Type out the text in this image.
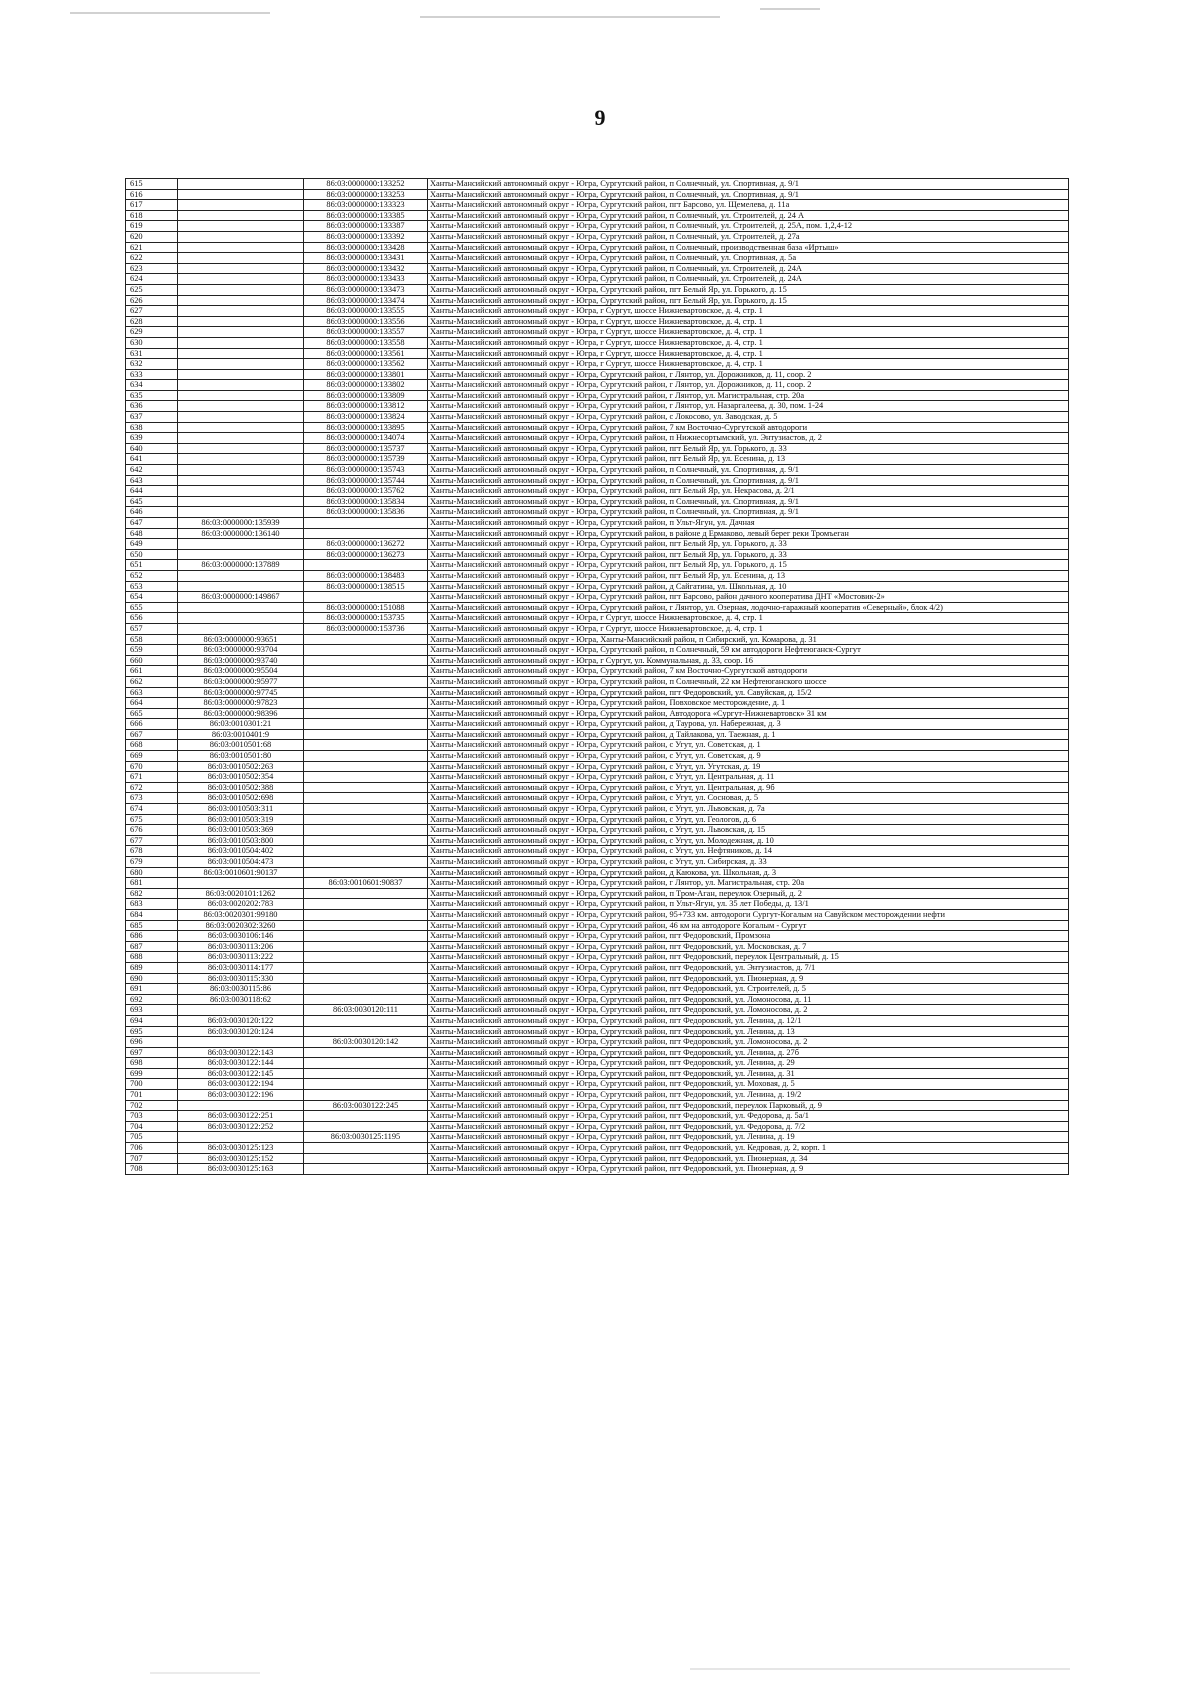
9
615		86:03:0000000:133252	Ханты-Мансийский автономный округ - Югра, Сургутский район, п Солнечный, ул. Спортивная, д. 9/1
616		86:03:0000000:133253	Ханты-Мансийский автономный округ - Югра, Сургутский район, п Солнечный, ул. Спортивная, д. 9/1
617		86:03:0000000:133323	Ханты-Мансийский автономный округ - Югра, Сургутский район, пгт Барсово, ул. Щемелева, д. 11а
618		86:03:0000000:133385	Ханты-Мансийский автономный округ - Югра, Сургутский район, п Солнечный, ул. Строителей, д. 24 А
619		86:03:0000000:133387	Ханты-Мансийский автономный округ - Югра, Сургутский район, п Солнечный, ул. Строителей, д. 25А, пом. 1,2,4-12
620		86:03:0000000:133392	Ханты-Мансийский автономный округ - Югра, Сургутский район, п Солнечный, ул. Строителей, д. 27а
621		86:03:0000000:133428	Ханты-Мансийский автономный округ - Югра, Сургутский район, п Солнечный, производственная база «Иртыш»
622		86:03:0000000:133431	Ханты-Мансийский автономный округ - Югра, Сургутский район, п Солнечный, ул. Спортивная, д. 5а
623		86:03:0000000:133432	Ханты-Мансийский автономный округ - Югра, Сургутский район, п Солнечный, ул. Строителей, д. 24А
624		86:03:0000000:133433	Ханты-Мансийский автономный округ - Югра, Сургутский район, п Солнечный, ул. Строителей, д. 24А
625		86:03:0000000:133473	Ханты-Мансийский автономный округ - Югра, Сургутский район, пгт Белый Яр, ул. Горького, д. 15
626		86:03:0000000:133474	Ханты-Мансийский автономный округ - Югра, Сургутский район, пгт Белый Яр, ул. Горького, д. 15
627		86:03:0000000:133555	Ханты-Мансийский автономный округ - Югра, г Сургут, шоссе Нижневартовское, д. 4, стр. 1
628		86:03:0000000:133556	Ханты-Мансийский автономный округ - Югра, г Сургут, шоссе Нижневартовское, д. 4, стр. 1
629		86:03:0000000:133557	Ханты-Мансийский автономный округ - Югра, г Сургут, шоссе Нижневартовское, д. 4, стр. 1
630		86:03:0000000:133558	Ханты-Мансийский автономный округ - Югра, г Сургут, шоссе Нижневартовское, д. 4, стр. 1
631		86:03:0000000:133561	Ханты-Мансийский автономный округ - Югра, г Сургут, шоссе Нижневартовское, д. 4, стр. 1
632		86:03:0000000:133562	Ханты-Мансийский автономный округ - Югра, г Сургут, шоссе Нижневартовское, д. 4, стр. 1
633		86:03:0000000:133801	Ханты-Мансийский автономный округ - Югра, Сургутский район, г Лянтор, ул. Дорожников, д. 11, соор. 2
634		86:03:0000000:133802	Ханты-Мансийский автономный округ - Югра, Сургутский район, г Лянтор, ул. Дорожников, д. 11, соор. 2
635		86:03:0000000:133809	Ханты-Мансийский автономный округ - Югра, Сургутский район, г Лянтор, ул. Магистральная, стр. 20а
636		86:03:0000000:133812	Ханты-Мансийский автономный округ - Югра, Сургутский район, г Лянтор, ул. Назаргалеева, д. 30, пом. 1-24
637		86:03:0000000:133824	Ханты-Мансийский автономный округ - Югра, Сургутский район, с Локосово, ул. Заводская, д. 5
638		86:03:0000000:133895	Ханты-Мансийский автономный округ - Югра, Сургутский район, 7 км Восточно-Сургутской автодороги
639		86:03:0000000:134074	Ханты-Мансийский автономный округ - Югра, Сургутский район, п Нижнесортымский, ул. Энтузиастов, д. 2
640		86:03:0000000:135737	Ханты-Мансийский автономный округ - Югра, Сургутский район, пгт Белый Яр, ул. Горького, д. 33
641		86:03:0000000:135739	Ханты-Мансийский автономный округ - Югра, Сургутский район, пгт Белый Яр, ул. Есенина, д. 13
642		86:03:0000000:135743	Ханты-Мансийский автономный округ - Югра, Сургутский район, п Солнечный, ул. Спортивная, д. 9/1
643		86:03:0000000:135744	Ханты-Мансийский автономный округ - Югра, Сургутский район, п Солнечный, ул. Спортивная, д. 9/1
644		86:03:0000000:135762	Ханты-Мансийский автономный округ - Югра, Сургутский район, пгт Белый Яр, ул. Некрасова, д. 2/1
645		86:03:0000000:135834	Ханты-Мансийский автономный округ - Югра, Сургутский район, п Солнечный, ул. Спортивная, д. 9/1
646		86:03:0000000:135836	Ханты-Мансийский автономный округ - Югра, Сургутский район, п Солнечный, ул. Спортивная, д. 9/1
647	86:03:0000000:135939		Ханты-Мансийский автономный округ - Югра, Сургутский район, п Ульт-Ягун, ул. Дачная
648	86:03:0000000:136140		Ханты-Мансийский автономный округ - Югра, Сургутский район, в районе д Ермаково, левый берег реки Тромъеган
649		86:03:0000000:136272	Ханты-Мансийский автономный округ - Югра, Сургутский район, пгт Белый Яр, ул. Горького, д. 33
650		86:03:0000000:136273	Ханты-Мансийский автономный округ - Югра, Сургутский район, пгт Белый Яр, ул. Горького, д. 33
651	86:03:0000000:137889		Ханты-Мансийский автономный округ - Югра, Сургутский район, пгт Белый Яр, ул. Горького, д. 15
652		86:03:0000000:138483	Ханты-Мансийский автономный округ - Югра, Сургутский район, пгт Белый Яр, ул. Есенина, д. 13
653		86:03:0000000:138515	Ханты-Мансийский автономный округ - Югра, Сургутский район, д Сайгатина, ул. Школьная, д. 10
654	86:03:0000000:149867		Ханты-Мансийский автономный округ - Югра, Сургутский район, пгт Барсово, район дачного кооператива ДНТ «Мостовик-2»
655		86:03:0000000:151088	Ханты-Мансийский автономный округ - Югра, Сургутский район, г Лянтор, ул. Озерная, лодочно-гаражный кооператив «Северный», блок 4/2)
656		86:03:0000000:153735	Ханты-Мансийский автономный округ - Югра, г Сургут, шоссе Нижневартовское, д. 4, стр. 1
657		86:03:0000000:153736	Ханты-Мансийский автономный округ - Югра, г Сургут, шоссе Нижневартовское, д. 4, стр. 1
658	86:03:0000000:93651		Ханты-Мансийский автономный округ - Югра, Ханты-Мансийский район, п Сибирский, ул. Комарова, д. 31
659	86:03:0000000:93704		Ханты-Мансийский автономный округ - Югра, Сургутский район, п Солнечный, 59 км автодороги Нефтеюганск-Сургут
660	86:03:0000000:93740		Ханты-Мансийский автономный округ - Югра, г Сургут, ул. Коммунальная, д. 33, соор. 16
661	86:03:0000000:95504		Ханты-Мансийский автономный округ - Югра, Сургутский район, 7 км Восточно-Сургутской автодороги
662	86:03:0000000:95977		Ханты-Мансийский автономный округ - Югра, Сургутский район, п Солнечный, 22 км Нефтеюганского шоссе
663	86:03:0000000:97745		Ханты-Мансийский автономный округ - Югра, Сургутский район, пгт Федоровский, ул. Савуйская, д. 15/2
664	86:03:0000000:97823		Ханты-Мансийский автономный округ - Югра, Сургутский район, Повховское месторождение, д. 1
665	86:03:0000000:98396		Ханты-Мансийский автономный округ - Югра, Сургутский район, Автодорога «Сургут-Нижневартовск» 31 км
666	86:03:0010301:21		Ханты-Мансийский автономный округ - Югра, Сургутский район, д Таурова, ул. Набережная, д. 3
667	86:03:0010401:9		Ханты-Мансийский автономный округ - Югра, Сургутский район, д Тайлакова, ул. Таежная, д. 1
668	86:03:0010501:68		Ханты-Мансийский автономный округ - Югра, Сургутский район, с Угут, ул. Советская, д. 1
669	86:03:0010501:80		Ханты-Мансийский автономный округ - Югра, Сургутский район, с Угут, ул. Советская, д. 9
670	86:03:0010502:263		Ханты-Мансийский автономный округ - Югра, Сургутский район, с Угут, ул. Угутская, д. 19
671	86:03:0010502:354		Ханты-Мансийский автономный округ - Югра, Сургутский район, с Угут, ул. Центральная, д. 11
672	86:03:0010502:388		Ханты-Мансийский автономный округ - Югра, Сургутский район, с Угут, ул. Центральная, д. 9б
673	86:03:0010502:698		Ханты-Мансийский автономный округ - Югра, Сургутский район, с Угут, ул. Сосновая, д. 5
674	86:03:0010503:311		Ханты-Мансийский автономный округ - Югра, Сургутский район, с Угут, ул. Львовская, д. 7а
675	86:03:0010503:319		Ханты-Мансийский автономный округ - Югра, Сургутский район, с Угут, ул. Геологов, д. 6
676	86:03:0010503:369		Ханты-Мансийский автономный округ - Югра, Сургутский район, с Угут, ул. Львовская, д. 15
677	86:03:0010503:800		Ханты-Мансийский автономный округ - Югра, Сургутский район, с Угут, ул. Молодежная, д. 10
678	86:03:0010504:402		Ханты-Мансийский автономный округ - Югра, Сургутский район, с Угут, ул. Нефтяников, д. 14
679	86:03:0010504:473		Ханты-Мансийский автономный округ - Югра, Сургутский район, с Угут, ул. Сибирская, д. 33
680	86:03:0010601:90137		Ханты-Мансийский автономный округ - Югра, Сургутский район, д Каюкова, ул. Школьная, д. 3
681		86:03:0010601:90837	Ханты-Мансийский автономный округ - Югра, Сургутский район, г Лянтор, ул. Магистральная, стр. 20а
682	86:03:0020101:1262		Ханты-Мансийский автономный округ - Югра, Сургутский район, п Тром-Аган, переулок Озерный, д. 2
683	86:03:0020202:783		Ханты-Мансийский автономный округ - Югра, Сургутский район, п Ульт-Ягун, ул. 35 лет Победы, д. 13/1
684	86:03:0020301:99180		Ханты-Мансийский автономный округ - Югра, Сургутский район, 95+733 км. автодороги Сургут-Когалым на Савуйском месторождении нефти
685	86:03:0020302:3260		Ханты-Мансийский автономный округ - Югра, Сургутский район, 46 км на автодороге Когалым - Сургут
686	86:03:0030106:146		Ханты-Мансийский автономный округ - Югра, Сургутский район, пгт Федоровский, Промзона
687	86:03:0030113:206		Ханты-Мансийский автономный округ - Югра, Сургутский район, пгт Федоровский, ул. Московская, д. 7
688	86:03:0030113:222		Ханты-Мансийский автономный округ - Югра, Сургутский район, пгт Федоровский, переулок Центральный, д. 15
689	86:03:0030114:177		Ханты-Мансийский автономный округ - Югра, Сургутский район, пгт Федоровский, ул. Энтузиастов, д. 7/1
690	86:03:0030115:330		Ханты-Мансийский автономный округ - Югра, Сургутский район, пгт Федоровский, ул. Пионерная, д. 9
691	86:03:0030115:86		Ханты-Мансийский автономный округ - Югра, Сургутский район, пгт Федоровский, ул. Строителей, д. 5
692	86:03:0030118:62		Ханты-Мансийский автономный округ - Югра, Сургутский район, пгт Федоровский, ул. Ломоносова, д. 11
693		86:03:0030120:111	Ханты-Мансийский автономный округ - Югра, Сургутский район, пгт Федоровский, ул. Ломоносова, д. 2
694	86:03:0030120:122		Ханты-Мансийский автономный округ - Югра, Сургутский район, пгт Федоровский, ул. Ленина, д. 12/1
695	86:03:0030120:124		Ханты-Мансийский автономный округ - Югра, Сургутский район, пгт Федоровский, ул. Ленина, д. 13
696		86:03:0030120:142	Ханты-Мансийский автономный округ - Югра, Сургутский район, пгт Федоровский, ул. Ломоносова, д. 2
697	86:03:0030122:143		Ханты-Мансийский автономный округ - Югра, Сургутский район, пгт Федоровский, ул. Ленина, д. 27б
698	86:03:0030122:144		Ханты-Мансийский автономный округ - Югра, Сургутский район, пгт Федоровский, ул. Ленина, д. 29
699	86:03:0030122:145		Ханты-Мансийский автономный округ - Югра, Сургутский район, пгт Федоровский, ул. Ленина, д. 31
700	86:03:0030122:194		Ханты-Мансийский автономный округ - Югра, Сургутский район, пгт Федоровский, ул. Моховая, д. 5
701	86:03:0030122:196		Ханты-Мансийский автономный округ - Югра, Сургутский район, пгт Федоровский, ул. Ленина, д. 19/2
702		86:03:0030122:245	Ханты-Мансийский автономный округ - Югра, Сургутский район, пгт Федоровский, переулок Парковый, д. 9
703	86:03:0030122:251		Ханты-Мансийский автономный округ - Югра, Сургутский район, пгт Федоровский, ул. Федорова, д. 5а/1
704	86:03:0030122:252		Ханты-Мансийский автономный округ - Югра, Сургутский район, пгт Федоровский, ул. Федорова, д. 7/2
705		86:03:0030125:1195	Ханты-Мансийский автономный округ - Югра, Сургутский район, пгт Федоровский, ул. Ленина, д. 19
706	86:03:0030125:123		Ханты-Мансийский автономный округ - Югра, Сургутский район, пгт Федоровский, ул. Кедровая, д. 2, корп. 1
707	86:03:0030125:152		Ханты-Мансийский автономный округ - Югра, Сургутский район, пгт Федоровский, ул. Пионерная, д. 34
708	86:03:0030125:163		Ханты-Мансийский автономный округ - Югра, Сургутский район, пгт Федоровский, ул. Пионерная, д. 9
